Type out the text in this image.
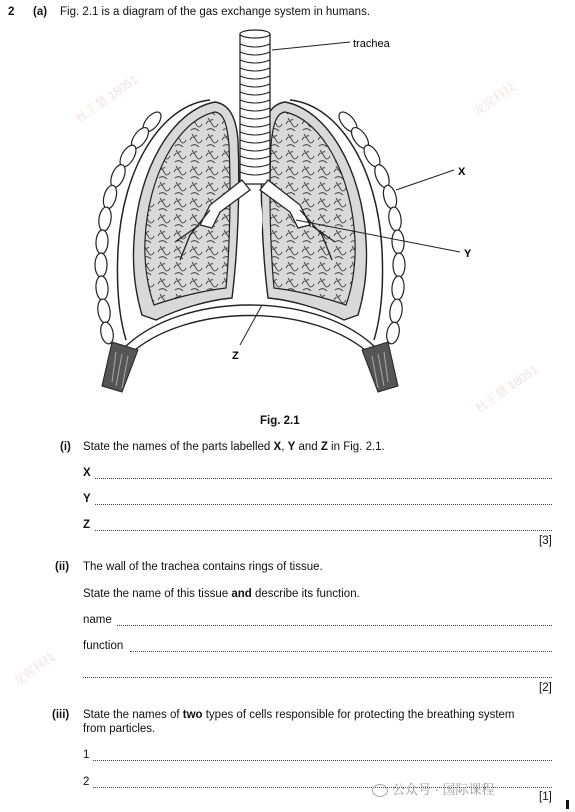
2 (a) Fig. 2.1 is a diagram of the gas exchange system in humans.
trachea
X
Y
Z
Fig. 2.1
(i) State the names of the parts labelled X, Y and Z in Fig. 2.1.
X
Y
Z
[3]
(ii) The wall of the trachea contains rings of tissue.
State the name of this tissue and describe its function.
name
function
[2]
(iii) State the names of two types of cells responsible for protecting the breathing system
from particles.
1
2
[1]
杜王慧 18051	龙猩科技
杜王慧 18051
龙猩科技
公众号 · 国际课程
